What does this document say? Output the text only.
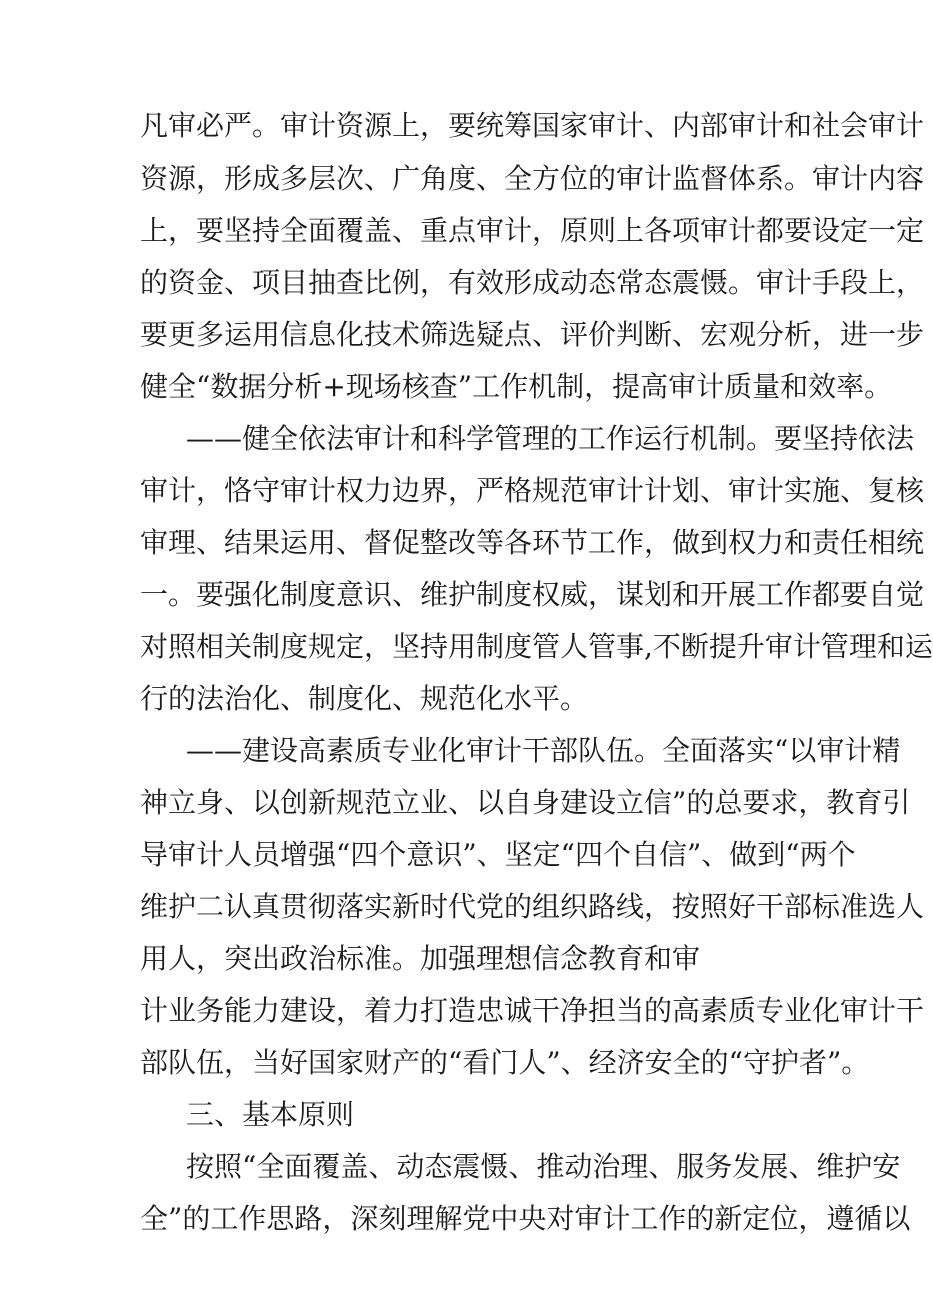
凡审必严。审计资源上，要统筹国家审计、内部审计和社会审计
资源，形成多层次、广角度、全方位的审计监督体系。审计内容
上，要坚持全面覆盖、重点审计，原则上各项审计都要设定一定
的资金、项目抽查比例，有效形成动态常态震慑。审计手段上，
要更多运用信息化技术筛选疑点、评价判断、宏观分析，进一步
健全“数据分析+现场核查”工作机制，提高审计质量和效率。
——健全依法审计和科学管理的工作运行机制。要坚持依法
审计，恪守审计权力边界，严格规范审计计划、审计实施、复核
审理、结果运用、督促整改等各环节工作，做到权力和责任相统
一。要强化制度意识、维护制度权威，谋划和开展工作都要自觉
对照相关制度规定，坚持用制度管人管事,不断提升审计管理和运
行的法治化、制度化、规范化水平。
——建设高素质专业化审计干部队伍。全面落实“以审计精
神立身、以创新规范立业、以自身建设立信”的总要求，教育引
导审计人员增强“四个意识”、坚定“四个自信”、做到“两个
维护二认真贯彻落实新时代党的组织路线，按照好干部标准选人
用人，突出政治标准。加强理想信念教育和审
计业务能力建设，着力打造忠诚干净担当的高素质专业化审计干
部队伍，当好国家财产的“看门人”、经济安全的“守护者”。
三、基本原则
按照“全面覆盖、动态震慑、推动治理、服务发展、维护安
全”的工作思路，深刻理解党中央对审计工作的新定位，遵循以
